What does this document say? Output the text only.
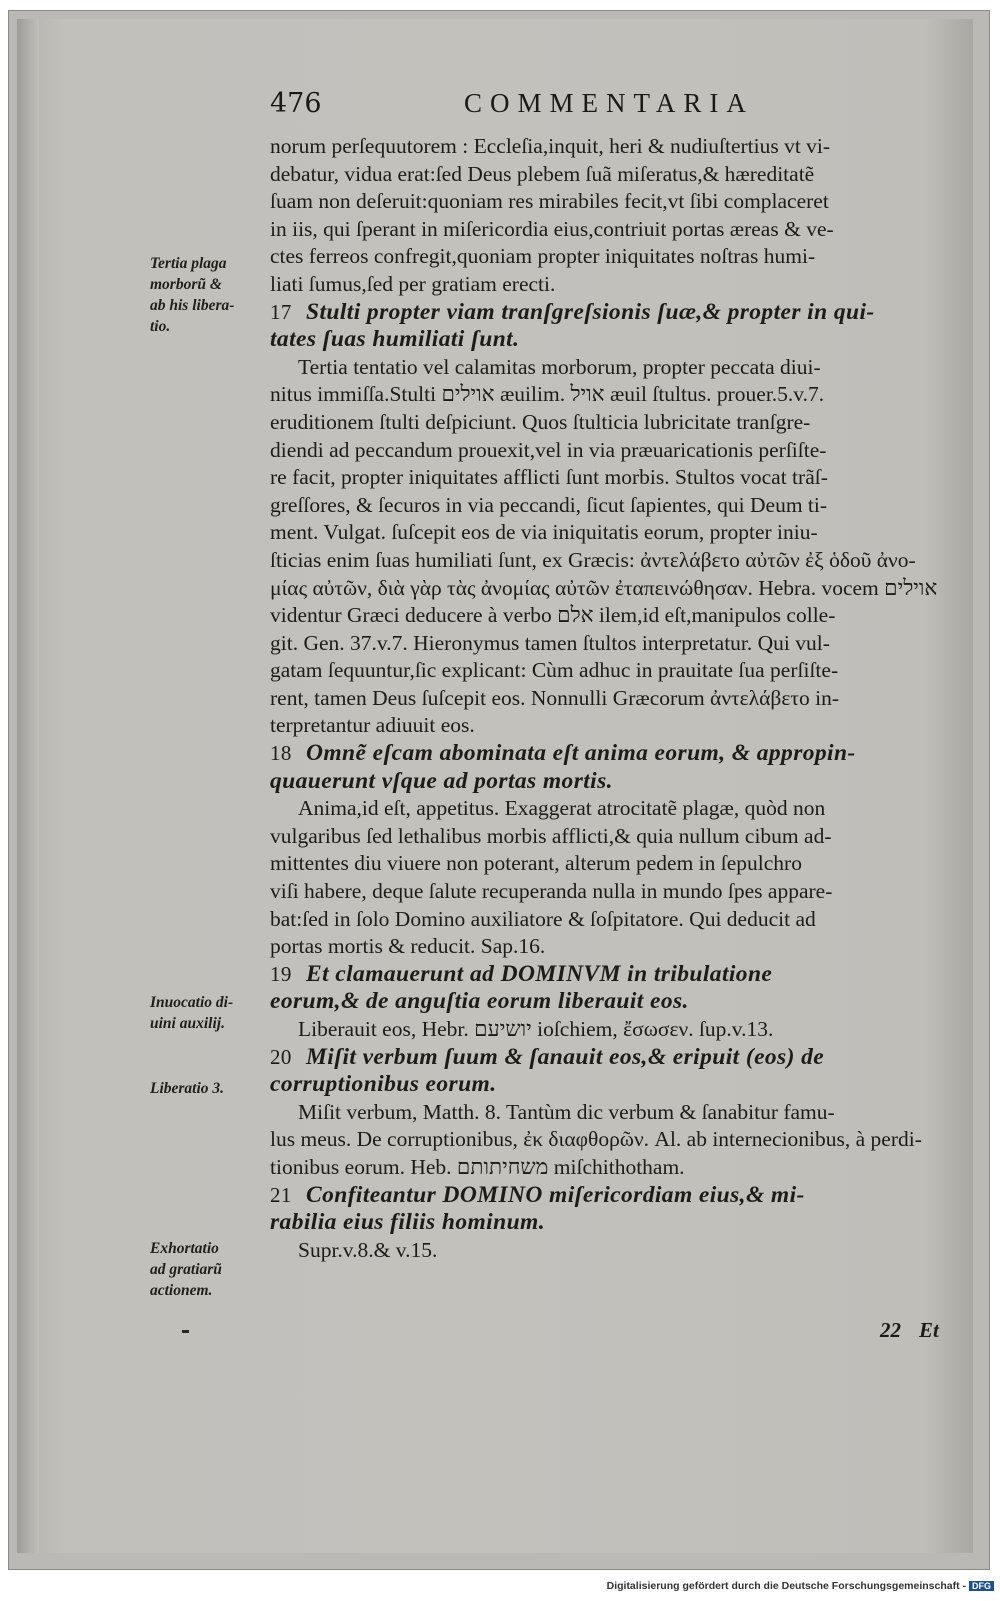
476	COMMENTARIA
norum perſequutorem : Eccleſia,inquit, heri & nudiuſtertius vt vi-
debatur, vidua erat:ſed Deus plebem ſuã miſeratus,& hæreditatẽ
ſuam non deſeruit:quoniam res mirabiles fecit,vt ſibi complaceret
in iis, qui ſperant in miſericordia eius,contriuit portas æreas & ve-
ctes ferreos confregit,quoniam propter iniquitates noſtras humi-
liati ſumus,ſed per gratiam erecti.
17 Stulti propter viam tranſgreſsionis ſuæ,& propter in qui-
tates ſuas humiliati ſunt.
Tertia tentatio vel calamitas morborum, propter peccata diui-
nitus immiſſa.Stulti אוילים æuilim. אויל æuil ſtultus. prouer.5.v.7.
eruditionem ſtulti deſpiciunt. Quos ſtulticia lubricitate tranſgre-
diendi ad peccandum prouexit,vel in via præuaricationis perſiſte-
re facit, propter iniquitates afflicti ſunt morbis. Stultos vocat trãſ-
greſſores, & ſecuros in via peccandi, ſicut ſapientes, qui Deum ti-
ment. Vulgat. ſuſcepit eos de via iniquitatis eorum, propter iniu-
ſticias enim ſuas humiliati ſunt, ex Græcis: ἀντελάβετο αὐτῶν ἐξ ὁδοῦ ἀνο-
μίας αὐτῶν, διὰ γὰρ τὰς ἀνομίας αὐτῶν ἐταπεινώθησαν. Hebra. vocem אוילים
videntur Græci deducere à verbo אלם ilem,id eſt,manipulos colle-
git. Gen. 37.v.7. Hieronymus tamen ſtultos interpretatur. Qui vul-
gatam ſequuntur,ſic explicant: Cùm adhuc in prauitate ſua perſiſte-
rent, tamen Deus ſuſcepit eos. Nonnulli Græcorum ἀντελάβετο in-
terpretantur adiuuit eos.
18 Omnẽ eſcam abominata eſt anima eorum, & appropin-
quauerunt vſque ad portas mortis.
Anima,id eſt, appetitus. Exaggerat atrocitatẽ plagæ, quòd non
vulgaribus ſed lethalibus morbis afflicti,& quia nullum cibum ad-
mittentes diu viuere non poterant, alterum pedem in ſepulchro
viſi habere, deque ſalute recuperanda nulla in mundo ſpes appare-
bat:ſed in ſolo Domino auxiliatore & ſoſpitatore. Qui deducit ad
portas mortis & reducit. Sap.16.
19 Et clamauerunt ad DOMINVM in tribulatione
eorum,& de anguſtia eorum liberauit eos.
Liberauit eos, Hebr. יושיעם ioſchiem, ἔσωσεν. ſup.v.13.
20 Miſit verbum ſuum & ſanauit eos,& eripuit (eos) de
corruptionibus eorum.
Miſit verbum, Matth. 8. Tantùm dic verbum & ſanabitur famu-
lus meus. De corruptionibus, ἐκ διαφθορῶν. Al. ab internecionibus, à perdi-
tionibus eorum. Heb. משחיתותם miſchithotham.
21 Confiteantur DOMINO miſericordiam eius,& mi-
rabilia eius filiis hominum.
Supr.v.8.& v.15.
Tertia plaga
morborũ &
ab his libera-
tio.
Inuocatio di-
uini auxilij.
Liberatio 3.
Exhortatio
ad gratiarũ
actionem.
22 Et
Digitalisierung gefördert durch die Deutsche Forschungsgemeinschaft - DFG
